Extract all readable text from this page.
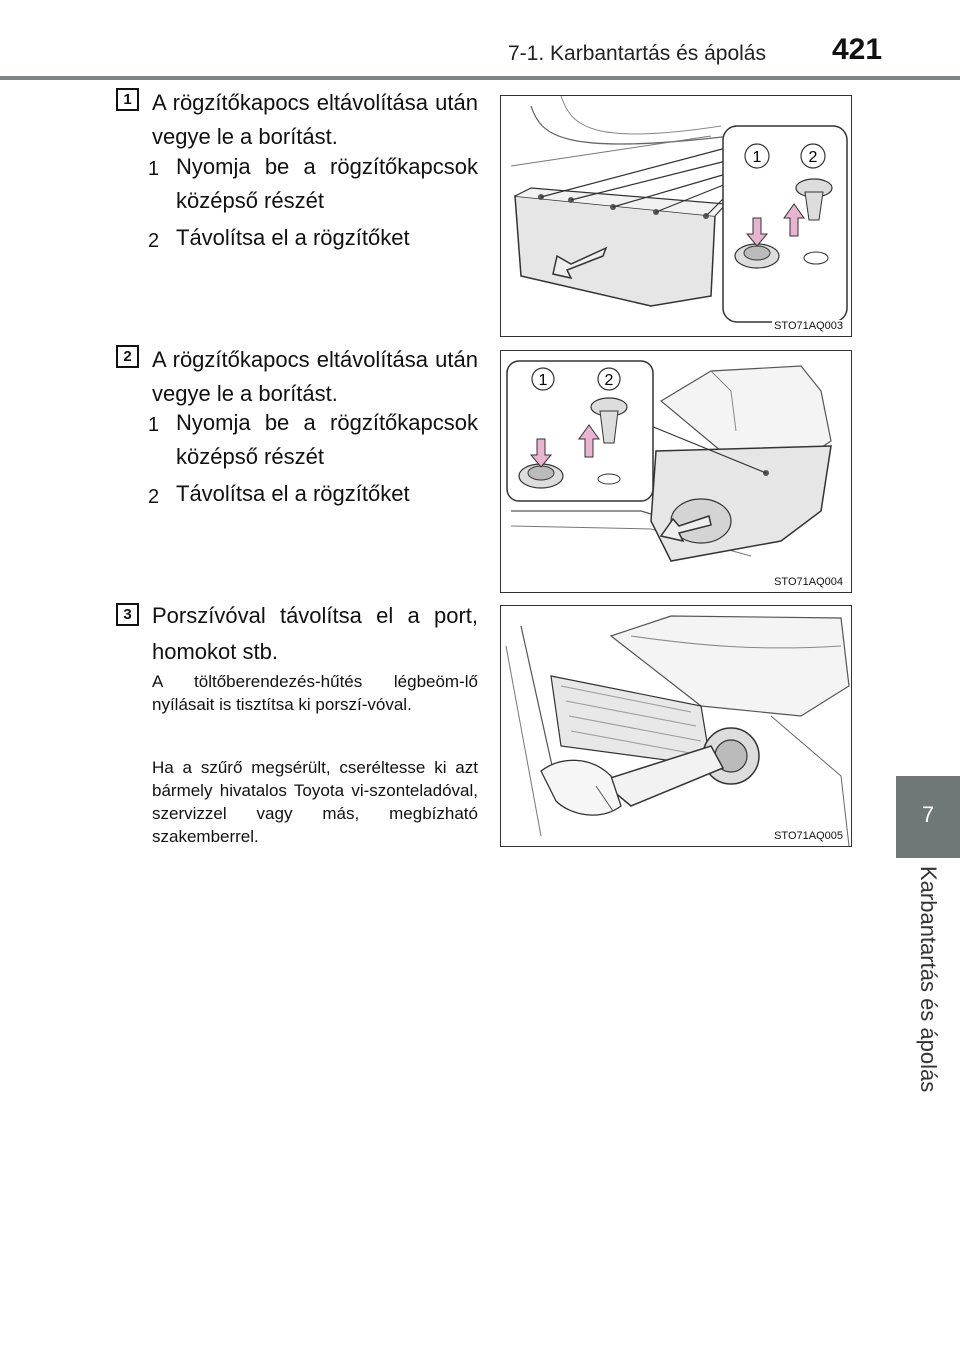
7-1. Karbantartás és ápolás 421
7
Karbantartás és ápolás
1 A rögzítőkapocs eltávolítása után vegye le a borítást.
1 Nyomja be a rögzítőkapcsok középső részét
2 Távolítsa el a rögzítőket
1	2
STO71AQ003
2 A rögzítőkapocs eltávolítása után vegye le a borítást.
1 Nyomja be a rögzítőkapcsok középső részét
2 Távolítsa el a rögzítőket
1	2
STO71AQ004
3 Porszívóval távolítsa el a port, homokot stb.
A töltőberendezés-hűtés légbeöm-lő nyílásait is tisztítsa ki porszí-vóval.
Ha a szűrő megsérült, cseréltesse ki azt bármely hivatalos Toyota vi-szonteladóval, szervizzel vagy más, megbízható szakemberrel.	STO71AQ005
